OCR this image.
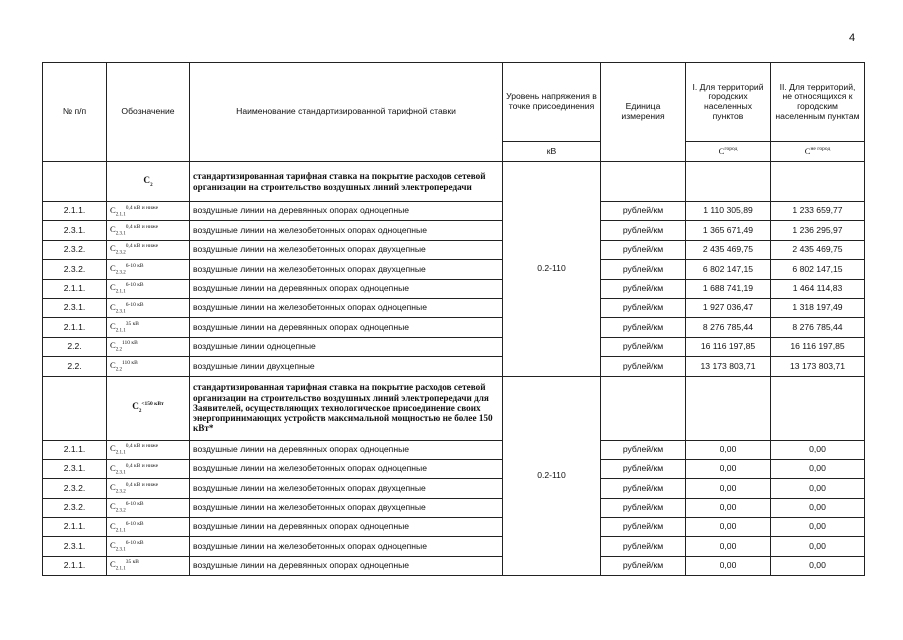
4
№ п/п	Обозначение	Наименование стандартизированной тарифной ставки	Уровень напряжения в точке присоединения	Единица измерения	I. Для территорий городских населенных пунктов	II. Для территорий, не относящихся к городским населенным пунктам
			кВ		$C^{город}$	$C^{не город}$
	$C_2$	стандартизированная тарифная ставка на покрытие расходов сетевой организации на строительство воздушных линий электропередачи	0.2-110			
2.1.1.	$C_{2.1.1}^{0,4 кВ и ниже}$	воздушные линии на деревянных опорах одноцепные		рублей/км	1 110 305,89	1 233 659,77
2.3.1.	$C_{2.3.1}^{0,4 кВ и ниже}$	воздушные линии на железобетонных опорах одноцепные		рублей/км	1 365 671,49	1 236 295,97
2.3.2.	$C_{2.3.2}^{0,4 кВ и ниже}$	воздушные линии на железобетонных опорах двухцепные		рублей/км	2 435 469,75	2 435 469,75
2.3.2.	$C_{2.3.2}^{6-10 кВ}$	воздушные линии на железобетонных опорах двухцепные		рублей/км	6 802 147,15	6 802 147,15
2.1.1.	$C_{2.1.1}^{6-10 кВ}$	воздушные линии на деревянных опорах одноцепные		рублей/км	1 688 741,19	1 464 114,83
2.3.1.	$C_{2.3.1}^{6-10 кВ}$	воздушные линии на железобетонных опорах одноцепные		рублей/км	1 927 036,47	1 318 197,49
2.1.1.	$C_{2.1.1}^{35 кВ}$	воздушные линии на деревянных опорах одноцепные		рублей/км	8 276 785,44	8 276 785,44
2.2.	$C_{2.2}^{110 кВ}$	воздушные линии одноцепные		рублей/км	16 116 197,85	16 116 197,85
2.2.	$C_{2.2}^{110 кВ}$	воздушные линии двухцепные		рублей/км	13 173 803,71	13 173 803,71
	$C_2^{<150 кВт}$	стандартизированная тарифная ставка на покрытие расходов сетевой организации на строительство воздушных линий электропередачи для Заявителей, осуществляющих технологическое присоединение своих энергопринимающих устройств максимальной мощностью не более 150 кВт*	0.2-110			
2.1.1.	$C_{2.1.1}^{0,4 кВ и ниже}$	воздушные линии на деревянных опорах одноцепные		рублей/км	0,00	0,00
2.3.1.	$C_{2.3.1}^{0,4 кВ и ниже}$	воздушные линии на железобетонных опорах одноцепные		рублей/км	0,00	0,00
2.3.2.	$C_{2.3.2}^{0,4 кВ и ниже}$	воздушные линии на железобетонных опорах двухцепные		рублей/км	0,00	0,00
2.3.2.	$C_{2.3.2}^{6-10 кВ}$	воздушные линии на железобетонных опорах двухцепные		рублей/км	0,00	0,00
2.1.1.	$C_{2.1.1}^{6-10 кВ}$	воздушные линии на деревянных опорах одноцепные		рублей/км	0,00	0,00
2.3.1.	$C_{2.3.1}^{6-10 кВ}$	воздушные линии на железобетонных опорах одноцепные		рублей/км	0,00	0,00
2.1.1.	$C_{2.1.1}^{35 кВ}$	воздушные линии на деревянных опорах одноцепные		рублей/км	0,00	0,00
